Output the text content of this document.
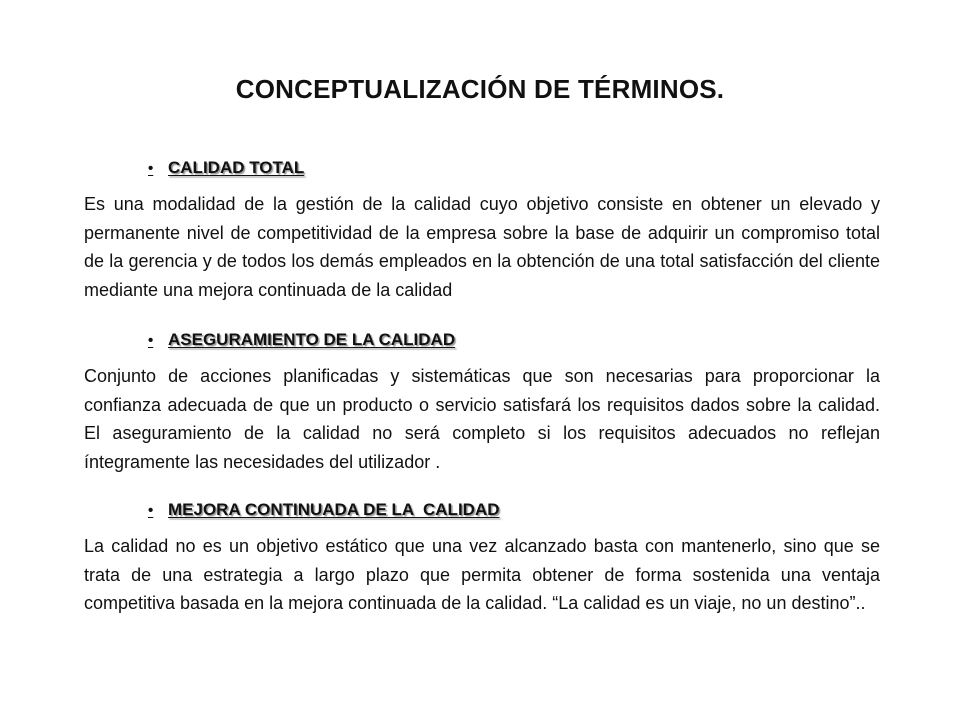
CONCEPTUALIZACIÓN DE TÉRMINOS.
• CALIDAD TOTAL
Es una modalidad de la gestión de la calidad cuyo objetivo consiste en obtener un elevado y permanente nivel de competitividad de la empresa sobre la base de adquirir un compromiso total de la gerencia y de todos los demás empleados en la obtención de una total satisfacción del cliente mediante una mejora continuada de la calidad
• ASEGURAMIENTO DE LA CALIDAD
Conjunto de acciones planificadas y sistemáticas que son necesarias para proporcionar la confianza adecuada de que un producto o servicio satisfará los requisitos dados sobre la calidad. El aseguramiento de la calidad no será completo si los requisitos adecuados no reflejan íntegramente las necesidades del utilizador .
• MEJORA CONTINUADA DE LA  CALIDAD
La calidad no es un objetivo estático que una vez alcanzado basta con mantenerlo, sino que se trata de una estrategia a largo plazo que permita obtener de forma sostenida una ventaja competitiva basada en la mejora continuada de la calidad. “La calidad es un viaje, no un destino”..
